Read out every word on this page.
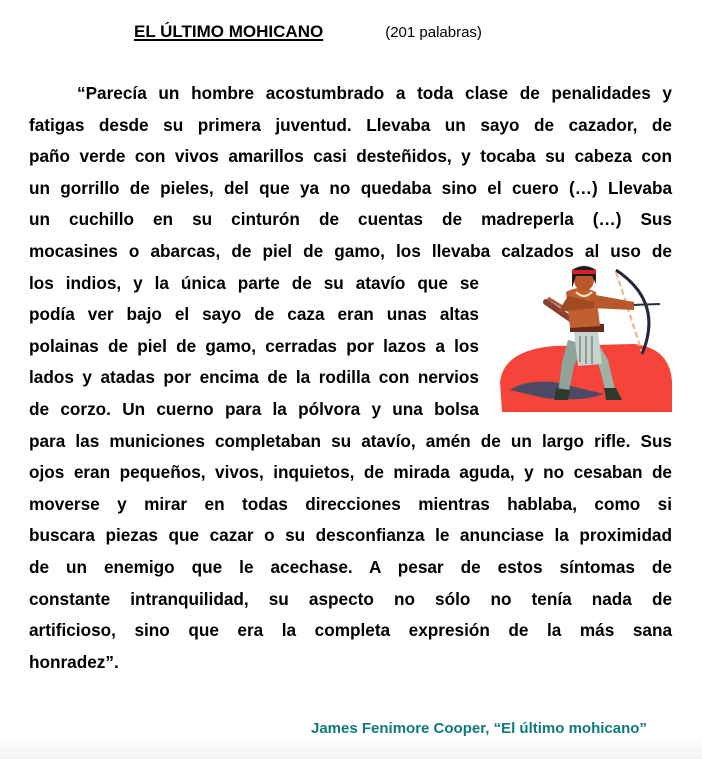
EL ÚLTIMO MOHICANO	(201 palabras)
“Parecía un hombre acostumbrado a toda clase de penalidades y
fatigas desde su primera juventud. Llevaba un sayo de cazador, de
paño verde con vivos amarillos casi desteñidos, y tocaba su cabeza con
un gorrillo de pieles, del que ya no quedaba sino el cuero (…) Llevaba
un cuchillo en su cinturón de cuentas de madreperla (…) Sus
mocasines o abarcas, de piel de gamo, los llevaba calzados al uso de
los indios, y la única parte de su atavío que se
podía ver bajo el sayo de caza eran unas altas
polainas de piel de gamo, cerradas por lazos a los
lados y atadas por encima de la rodilla con nervios
de corzo. Un cuerno para la pólvora y una bolsa
para las municiones completaban su atavío, amén de un largo rifle. Sus
ojos eran pequeños, vivos, inquietos, de mirada aguda, y no cesaban de
moverse y mirar en todas direcciones mientras hablaba, como si
buscara piezas que cazar o su desconfianza le anunciase la proximidad
de un enemigo que le acechase. A pesar de estos síntomas de
constante intranquilidad, su aspecto no sólo no tenía nada de
artificioso, sino que era la completa expresión de la más sana
honradez”.
James Fenimore Cooper, “El último mohicano”
